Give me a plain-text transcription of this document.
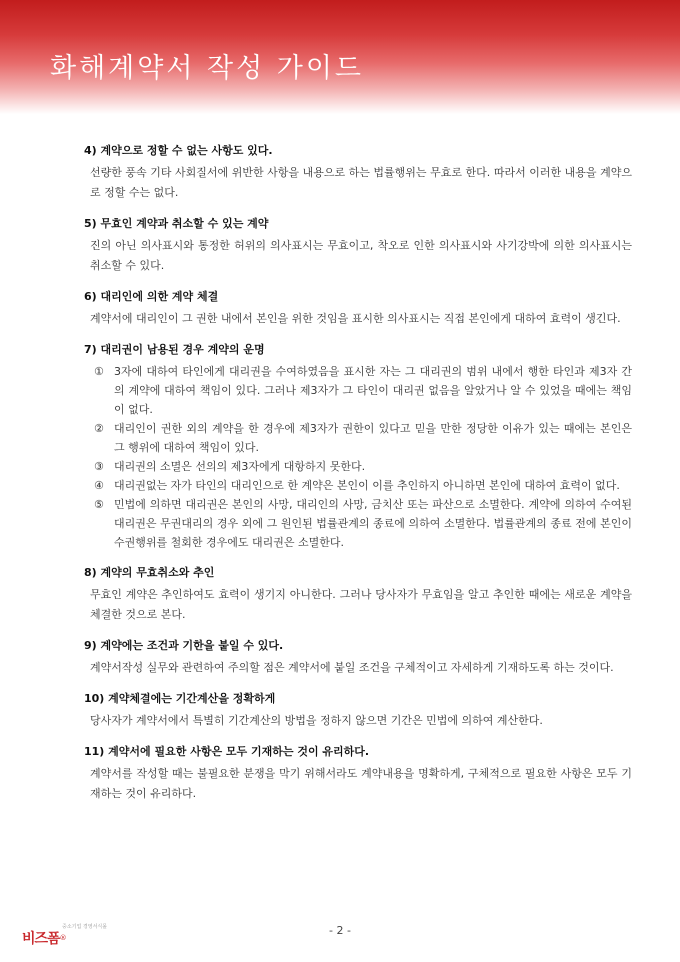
화해계약서 작성 가이드
4) 계약으로 정할 수 없는 사항도 있다.
선량한 풍속 기타 사회질서에 위반한 사항을 내용으로 하는 법률행위는 무효로 한다. 따라서 이러한 내용을 계약으로 정할 수는 없다.
5) 무효인 계약과 취소할 수 있는 계약
진의 아닌 의사표시와 통정한 허위의 의사표시는 무효이고, 착오로 인한 의사표시와 사기강박에 의한 의사표시는 취소할 수 있다.
6) 대리인에 의한 계약 체결
계약서에 대리인이 그 권한 내에서 본인을 위한 것임을 표시한 의사표시는 직접 본인에게 대하여 효력이 생긴다.
7) 대리권이 남용된 경우 계약의 운명
① 3자에 대하여 타인에게 대리권을 수여하였음을 표시한 자는 그 대리권의 범위 내에서 행한 타인과 제3자 간의 계약에 대하여 책임이 있다. 그러나 제3자가 그 타인이 대리권 없음을 알았거나 알 수 있었을 때에는 책임이 없다.
② 대리인이 권한 외의 계약을 한 경우에 제3자가 권한이 있다고 믿을 만한 정당한 이유가 있는 때에는 본인은 그 행위에 대하여 책임이 있다.
③ 대리권의 소멸은 선의의 제3자에게 대항하지 못한다.
④ 대리권없는 자가 타인의 대리인으로 한 계약은 본인이 이를 추인하지 아니하면 본인에 대하여 효력이 없다.
⑤ 민법에 의하면 대리권은 본인의 사망, 대리인의 사망, 금치산 또는 파산으로 소멸한다. 계약에 의하여 수여된 대리권은 무권대리의 경우 외에 그 원인된 법률관계의 종료에 의하여 소멸한다. 법률관계의 종료 전에 본인이 수권행위를 철회한 경우에도 대리권은 소멸한다.
8) 계약의 무효취소와 추인
무효인 계약은 추인하여도 효력이 생기지 아니한다. 그러나 당사자가 무효임을 알고 추인한 때에는 새로운 계약을 체결한 것으로 본다.
9) 계약에는 조건과 기한을 붙일 수 있다.
계약서작성 실무와 관련하여 주의할 점은 계약서에 붙일 조건을 구체적이고 자세하게 기재하도록 하는 것이다.
10) 계약체결에는 기간계산을 정확하게
당사자가 계약서에서 특별히 기간계산의 방법을 정하지 않으면 기간은 민법에 의하여 계산한다.
11) 계약서에 필요한 사항은 모두 기재하는 것이 유리하다.
계약서를 작성할 때는 불필요한 분쟁을 막기 위해서라도 계약내용을 명확하게, 구체적으로 필요한 사항은 모두 기재하는 것이 유리하다.
비즈폼 ®
중소기업 경영서식몰	- 2 -
